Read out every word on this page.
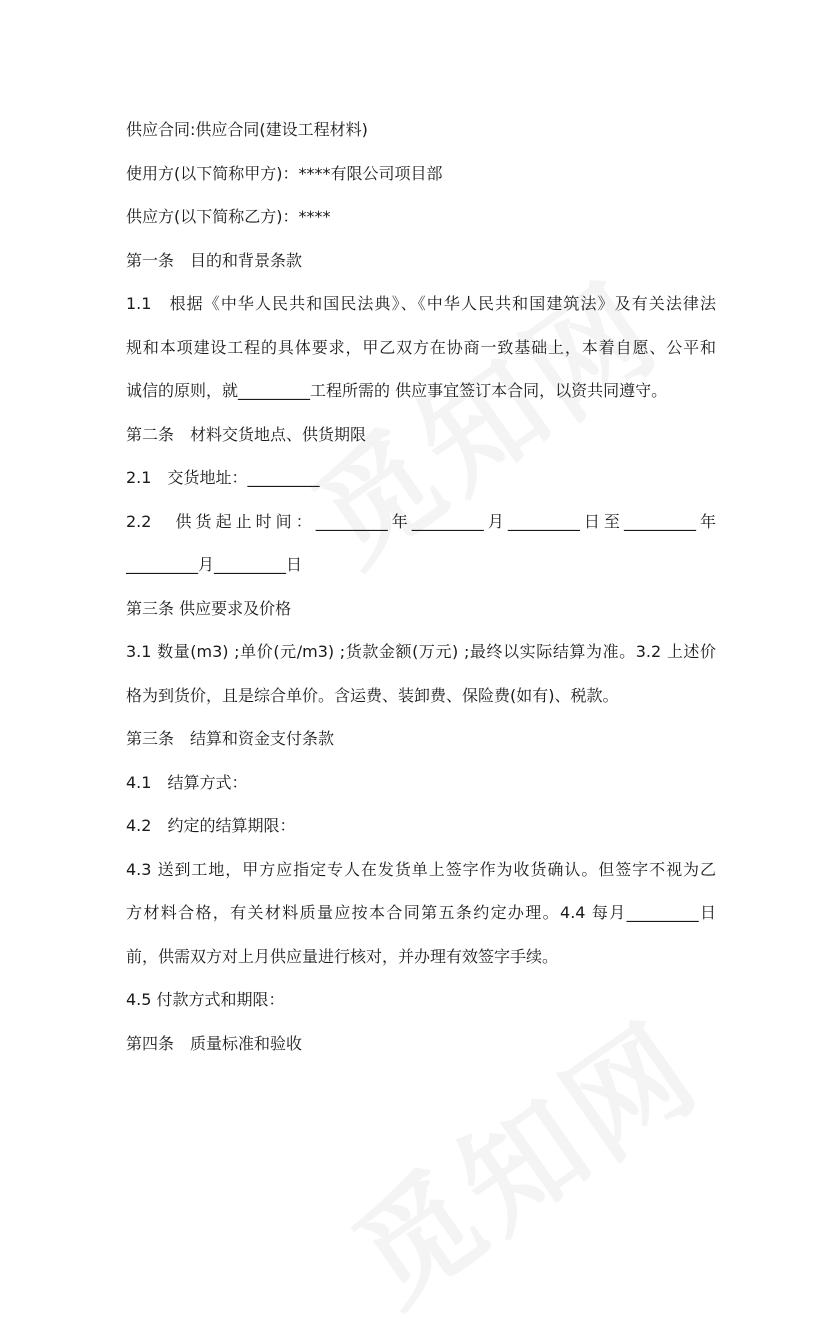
供应合同:供应合同(建设工程材料)
使用方(以下简称甲方)：****有限公司项目部
供应方(以下简称乙方)：****
第一条　目的和背景条款
1.1　根据《中华人民共和国民法典》、《中华人民共和国建筑法》及有关法律法
规和本项建设工程的具体要求，甲乙双方在协商一致基础上，本着自愿、公平和
诚信的原则，就_________工程所需的 供应事宜签订本合同，以资共同遵守。
第二条　材料交货地点、供货期限
2.1　交货地址：_________
2.2　供货起止时间：_________年_________月_________日至_________年
_________月_________日
第三条 供应要求及价格
3.1 数量(m3) ;单价(元/m3) ;货款金额(万元) ;最终以实际结算为准。3.2 上述价
格为到货价，且是综合单价。含运费、装卸费、保险费(如有)、税款。
第三条　结算和资金支付条款
4.1　结算方式：
4.2　约定的结算期限：
4.3 送到工地，甲方应指定专人在发货单上签字作为收货确认。但签字不视为乙
方材料合格，有关材料质量应按本合同第五条约定办理。4.4 每月_________日
前，供需双方对上月供应量进行核对，并办理有效签字手续。
4.5 付款方式和期限：
第四条　质量标准和验收
